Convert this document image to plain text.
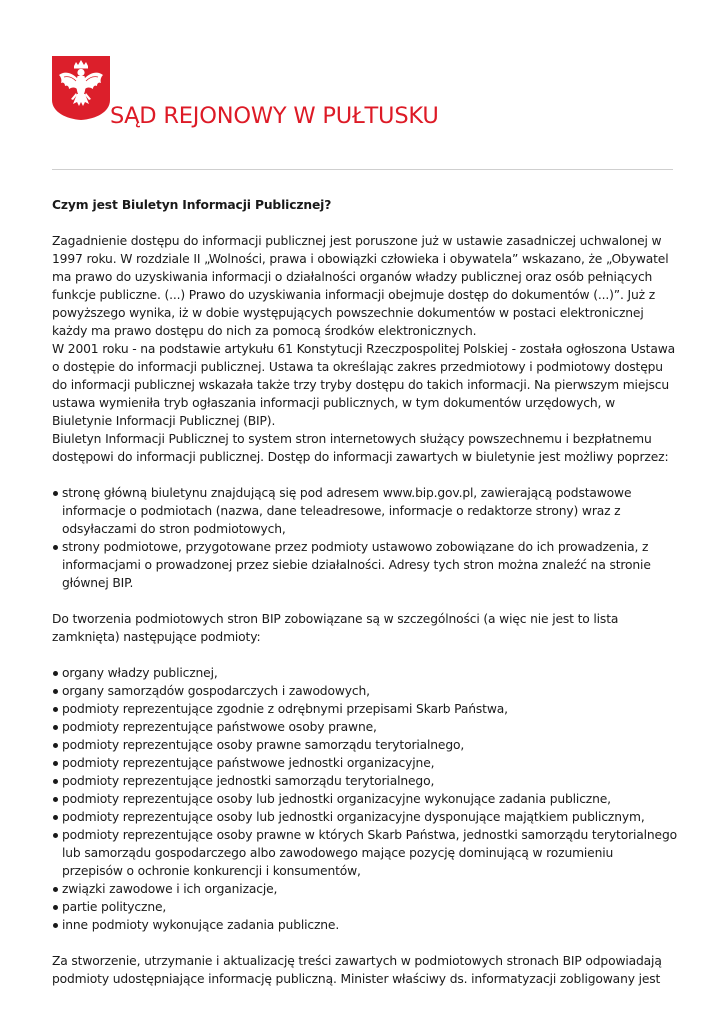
SĄD REJONOWY W PUŁTUSKU
Czym jest Biuletyn Informacji Publicznej?

Zagadnienie dostępu do informacji publicznej jest poruszone już w ustawie zasadniczej uchwalonej w 1997 roku. W rozdziale II „Wolności, prawa i obowiązki człowieka i obywatela” wskazano, że „Obywatel ma prawo do uzyskiwania informacji o działalności organów władzy publicznej oraz osób pełniących funkcje publiczne. (...) Prawo do uzyskiwania informacji obejmuje dostęp do dokumentów (...)”. Już z powyższego wynika, iż w dobie występujących powszechnie dokumentów w postaci elektronicznej każdy ma prawo dostępu do nich za pomocą środków elektronicznych.

W 2001 roku - na podstawie artykułu 61 Konstytucji Rzeczpospolitej Polskiej - została ogłoszona Ustawa o dostępie do informacji publicznej. Ustawa ta określając zakres przedmiotowy i podmiotowy dostępu do informacji publicznej wskazała także trzy tryby dostępu do takich informacji. Na pierwszym miejscu ustawa wymieniła tryb ogłaszania informacji publicznych, w tym dokumentów urzędowych, w Biuletynie Informacji Publicznej (BIP).

Biuletyn Informacji Publicznej to system stron internetowych służący powszechnemu i bezpłatnemu dostępowi do informacji publicznej. Dostęp do informacji zawartych w biuletynie jest możliwy poprzez:

stronę główną biuletynu znajdującą się pod adresem www.bip.gov.pl, zawierającą podstawowe informacje o podmiotach (nazwa, dane teleadresowe, informacje o redaktorze strony) wraz z odsyłaczami do stron podmiotowych,
strony podmiotowe, przygotowane przez podmioty ustawowo zobowiązane do ich prowadzenia, z informacjami o prowadzonej przez siebie działalności. Adresy tych stron można znaleźć na stronie głównej BIP.

Do tworzenia podmiotowych stron BIP zobowiązane są w szczególności (a więc nie jest to lista zamknięta) następujące podmioty:

organy władzy publicznej,
organy samorządów gospodarczych i zawodowych,
podmioty reprezentujące zgodnie z odrębnymi przepisami Skarb Państwa,
podmioty reprezentujące państwowe osoby prawne,
podmioty reprezentujące osoby prawne samorządu terytorialnego,
podmioty reprezentujące państwowe jednostki organizacyjne,
podmioty reprezentujące jednostki samorządu terytorialnego,
podmioty reprezentujące osoby lub jednostki organizacyjne wykonujące zadania publiczne,
podmioty reprezentujące osoby lub jednostki organizacyjne dysponujące majątkiem publicznym,
podmioty reprezentujące osoby prawne w których Skarb Państwa, jednostki samorządu terytorialnego lub samorządu gospodarczego albo zawodowego mające pozycję dominującą w rozumieniu przepisów o ochronie konkurencji i konsumentów,
związki zawodowe i ich organizacje,
partie polityczne,
inne podmioty wykonujące zadania publiczne.

Za stworzenie, utrzymanie i aktualizację treści zawartych w podmiotowych stronach BIP odpowiadają podmioty udostępniające informację publiczną. Minister właściwy ds. informatyzacji zobligowany jest
